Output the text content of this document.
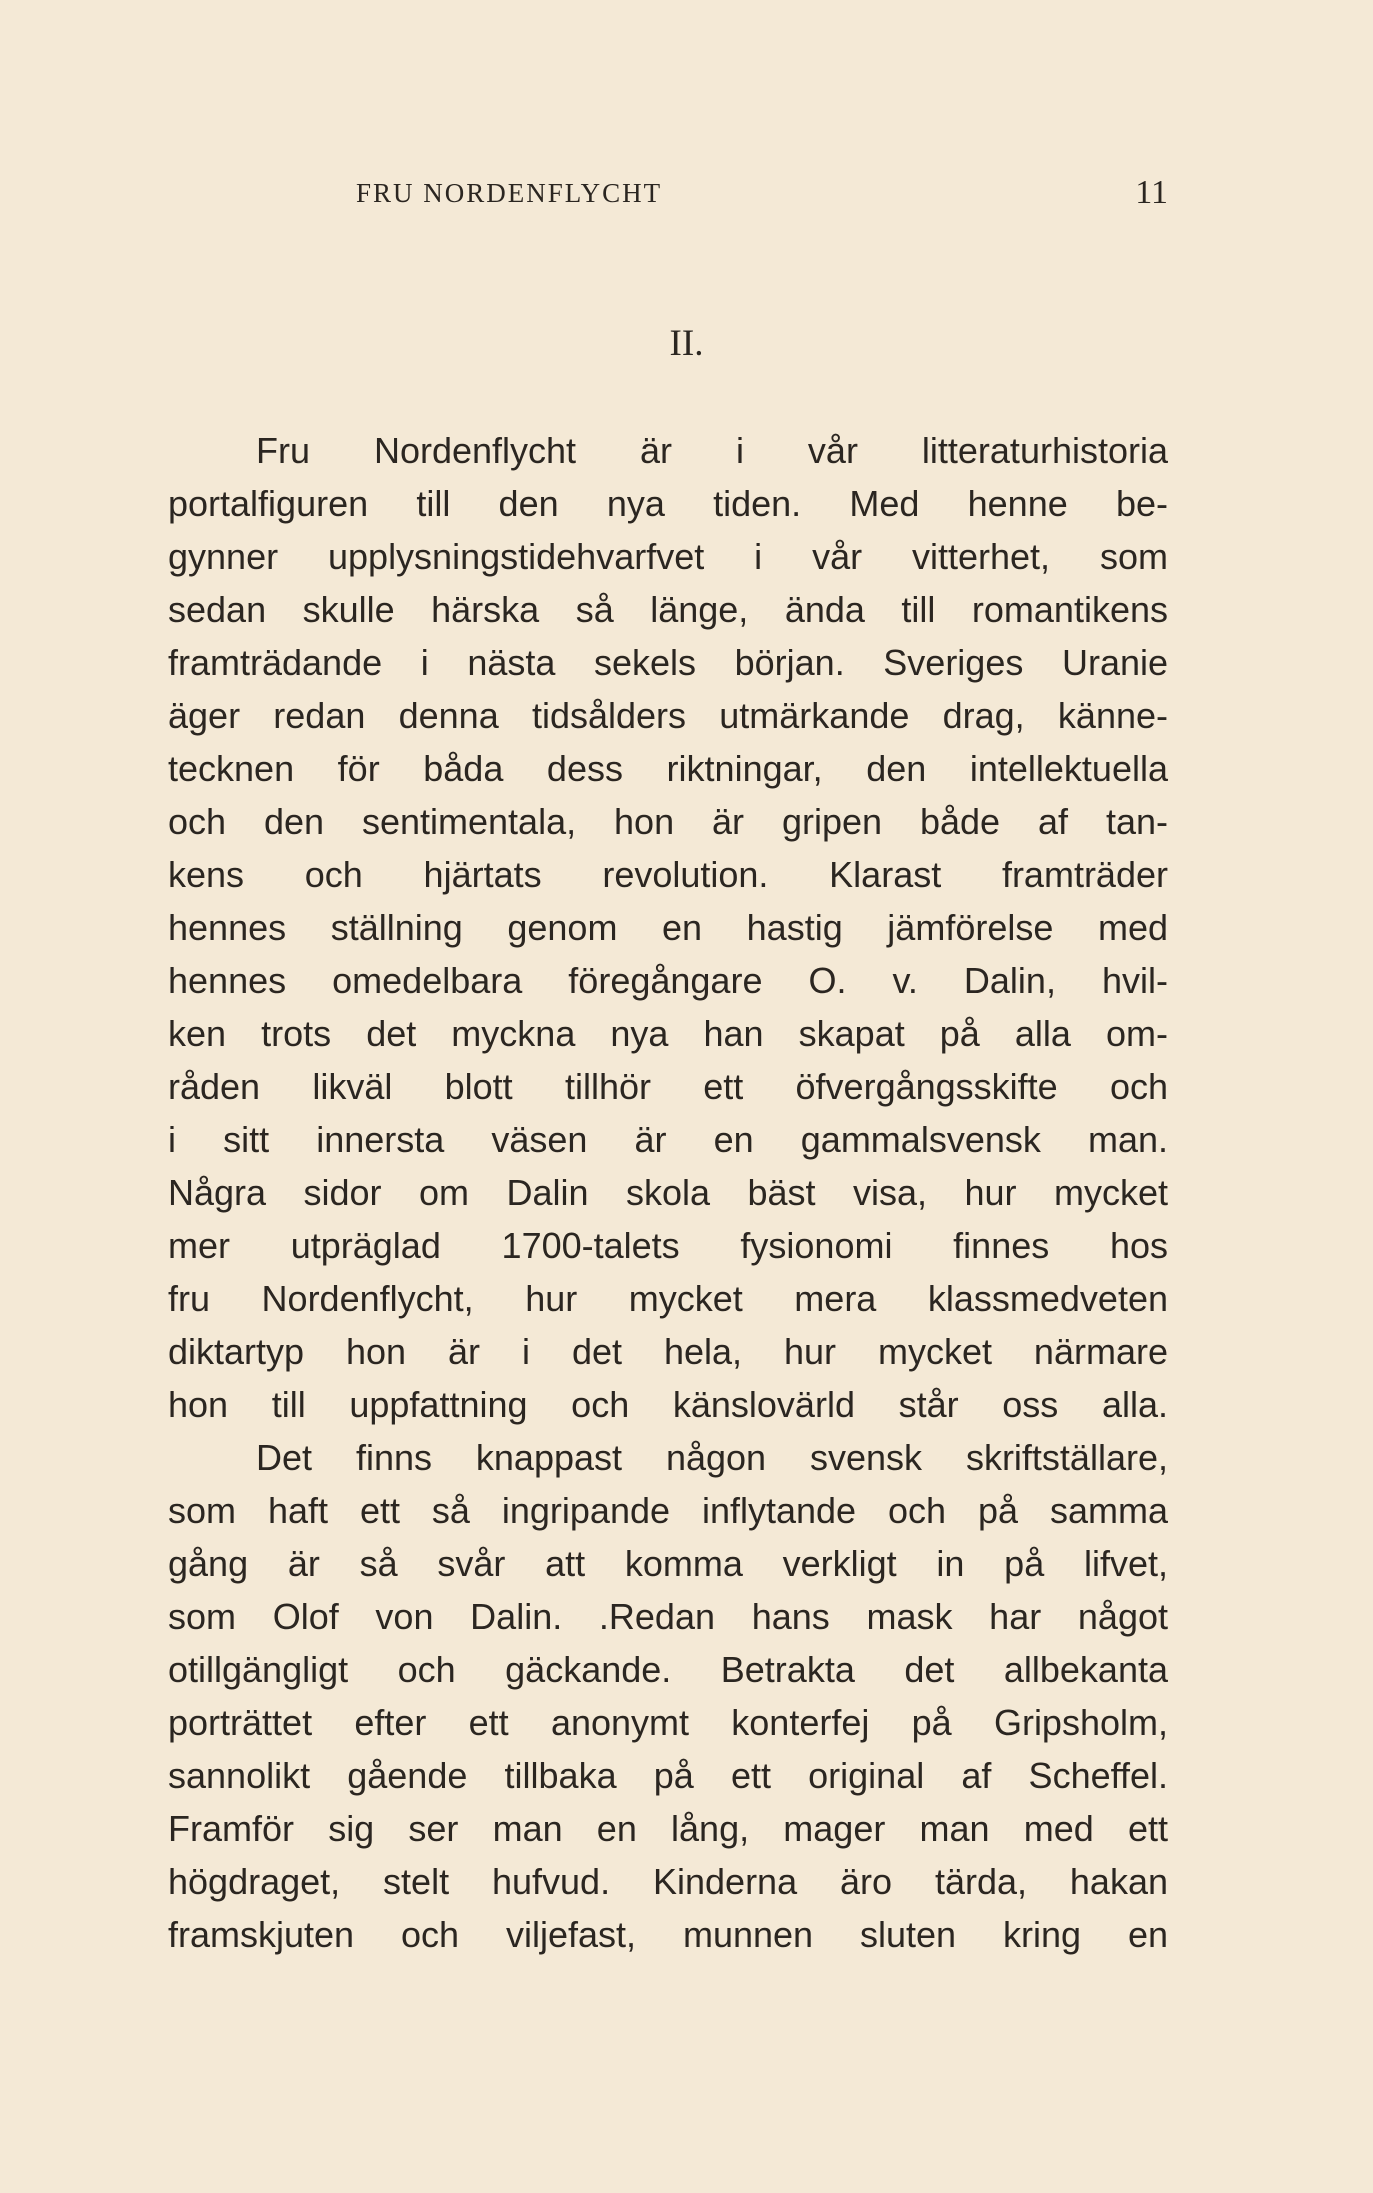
FRU NORDENFLYCHT	11
II.
Fru Nordenflycht är i vår litteraturhistoria
portalfiguren till den nya tiden. Med henne be-
gynner upplysningstidehvarfvet i vår vitterhet, som
sedan skulle härska så länge, ända till romantikens
framträdande i nästa sekels början. Sveriges Uranie
äger redan denna tidsålders utmärkande drag, känne-
tecknen för båda dess riktningar, den intellektuella
och den sentimentala, hon är gripen både af tan-
kens och hjärtats revolution. Klarast framträder
hennes ställning genom en hastig jämförelse med
hennes omedelbara föregångare O. v. Dalin, hvil-
ken trots det myckna nya han skapat på alla om-
råden likväl blott tillhör ett öfvergångsskifte och
i sitt innersta väsen är en gammalsvensk man.
Några sidor om Dalin skola bäst visa, hur mycket
mer utpräglad 1700-talets fysionomi finnes hos
fru Nordenflycht, hur mycket mera klassmedveten
diktartyp hon är i det hela, hur mycket närmare
hon till uppfattning och känslovärld står oss alla.
Det finns knappast någon svensk skriftställare,
som haft ett så ingripande inflytande och på samma
gång är så svår att komma verkligt in på lifvet,
som Olof von Dalin. .Redan hans mask har något
otillgängligt och gäckande. Betrakta det allbekanta
porträttet efter ett anonymt konterfej på Gripsholm,
sannolikt gående tillbaka på ett original af Scheffel.
Framför sig ser man en lång, mager man med ett
högdraget, stelt hufvud. Kinderna äro tärda, hakan
framskjuten och viljefast, munnen sluten kring en
